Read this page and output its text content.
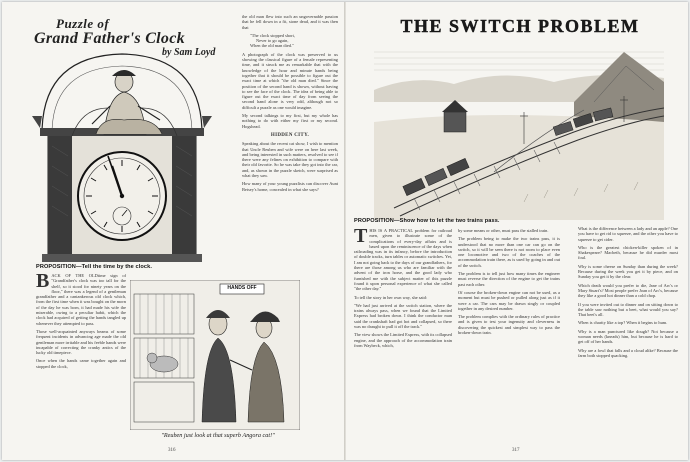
Puzzle of
Grand Father's Clock
by Sam Loyd
PROPOSITION—Tell the time by the clock.

BACK OF THE OLDtime sign of "Grandfather's clock was too tall for the shelf, so it stood for ninety years on the floor," there was a legend of a gentleman grandfather and a cantankerous old clock which, from the first time when it was bought on the morn of the day he was born, it had made his wife the miserable, owing to a peculiar habit, which the clock had acquired of getting the hands tangled up whenever they attempted to pass.

Those well-acquainted anyways beams of some frequent incidents in advancing age made the old gentleman more irritable and his feeble hands were incapable of correcting the cranky antics of the lucky old timepiece.

Once when the hands came together again and stopped the clock,

HANDS OFF
"Reuben just look at that superb Angora cat!"

the old man flew into such an ungovernable passion that he fell down in a fit, stone dead, and it was then that

"The clock stopped short,

Never to go again,

When the old man died."

A photograph of the clock was preserved to us showing the classical figure of a female representing time, and it struck me as remarkable that with the knowledge of the hour and minute hands being together that it should be possible to figure out the exact time at which "the old man died." Since the position of the second hand is shown, without having to see the face of the clock. The idea of being able to figure out the exact time of day from seeing the second hand alone is very odd, although not so difficult a puzzle as one would imagine.

My second talkings to my first, but my whole has nothing to do with either my first or my second. Hogshead.

HIDDEN CITY.

Speaking about the recent cat show, I wish to mention that Uncle Reuben and wife were on here last week, and being interested in such matters, resolved to see if there were any felines on exhibition to compare with their old favorite. So he was take they got into the car, and, as shown in the puzzle sketch, were surprised as what they saw.

How many of your young puzzlists can discover Aunt Betsey's home, concealed in what she says?

316
THE SWITCH PROBLEM
PROPOSITION—Show how to let the two trains pass.

THIS IS A PRACTICAL problem for railroad men, given to illustrate some of the complications of every-day affairs and is based upon the reminiscence of the days when railroading was in its infancy, before the introduction of double tracks, turn tables or automatic switches. Yet, I am not going back to the days of our grandfathers, for there are those among us who are familiar with the advent of the iron horse, and the good lady who furnished me with the subject matter of this puzzle found it upon personal experience of what she called "the other day."

To tell the story in her own way, she said:

"We had just arrived at the switch station, where the trains always pass, when we found that the Limited Express had broken down. I think the conductor man said the crankshaft had got hot and collapsed, so there was no draught to pull it off the track."

The view shows the Limited Express, with its collapsed engine, and the approach of the accommodation train from Waybeck, which,

by some means or other, must pass the stalled train.

The problem being to make the two trains pass, it is understood that no more than one car can go on the switch, so it will be seen there is not room to place even one locomotive and two of the coaches of the accommodation train there, as is used by going in and out of the switch.

The problem is to tell just how many times the engineer must reverse the direction of the engine to get the trains past each other.

Of course the broken-down engine can not be used, as a moment but must be pushed or pulled along just as if it were a car. The cars may be drawn singly or coupled together in any desired number.

The problem complies with the ordinary rules of practice and is given to test your ingenuity and cleverness in discovering the quickest and simplest way to pass the broken-down train.

What is the difference between a lady and an apple? One you have to get rid to squeeze, and the other you have to squeeze to get cider.

Who is the greatest chicken-killer spoken of in Shakespeare? Macbeth, because he did murder most foul.

Why is some cheese on Sunday than during the week? Because during the week you get it by piece, and on Sunday you get it by the clear.

Which death would you prefer to die, Jane of Arc's or Mary Stuart's? Most people prefer Joan of Arc's, because they like a good hot dinner than a cold chop.

If you were invited out to dinner and on sitting down to the table saw nothing but a beet, what would you say? That beet's all.

When is charity like a top? When it begins to hum.

Why is a man punctured like dough? Not because a woman needs (kneads) him, but because he is hard to get off of her hands.

Why are a fowl that falls and a cloud alike? Because the farm both stopped quacking.

317
